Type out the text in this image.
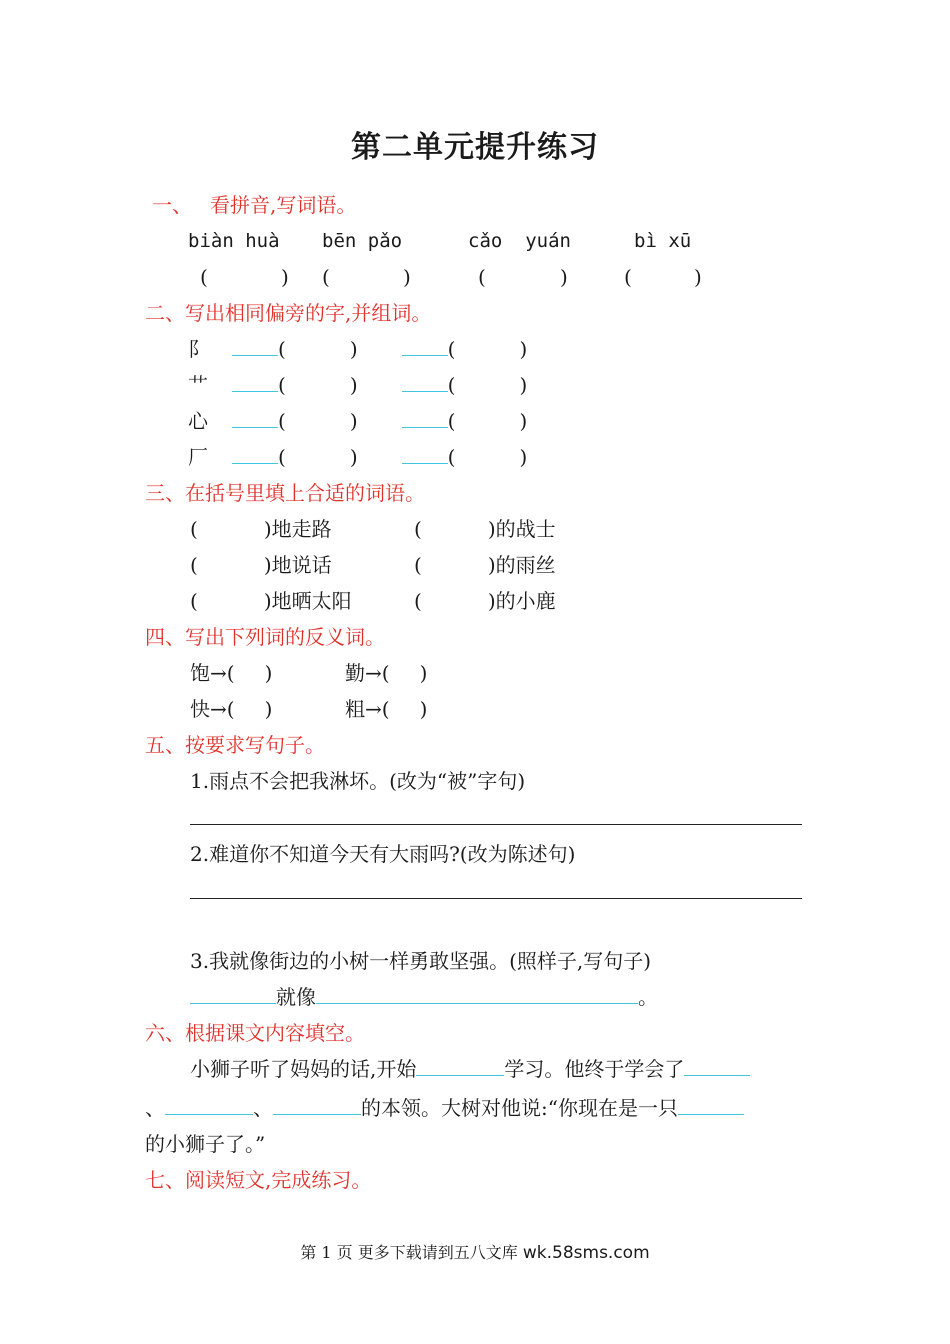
第二单元提升练习
一、 看拼音,写词语。
biàn huà bēn pǎo	cǎo  yuán	bì xū
(	) (	)	(	)	(	)
二、写出相同偏旁的字,并组词。
阝	(	)	(	)
艹	(	)	(	)
心	(	)	(	)
厂	(	)	(	)
三、在括号里填上合适的词语。
(	)地走路	(	)的战士
(	)地说话	(	)的雨丝
(	)地晒太阳	(	)的小鹿
四、写出下列词的反义词。
饱→( )	勤→( )
快→( )	粗→( )
五、按要求写句子。
1.雨点不会把我淋坏。(改为“被”字句)
2.难道你不知道今天有大雨吗?(改为陈述句)
3.我就像街边的小树一样勇敢坚强。(照样子,写句子)
就像	。
六、根据课文内容填空。
小狮子听了妈妈的话,开始	学习。他终于学会了
、	、	的本领。大树对他说:“你现在是一只
的小狮子了。”
七、阅读短文,完成练习。
第 1 页 更多下载请到五八文库 wk.58sms.com
